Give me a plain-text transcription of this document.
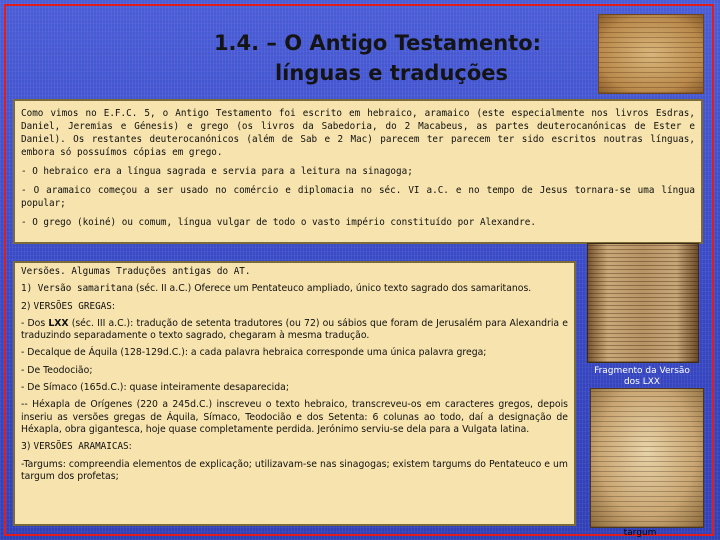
1.4. – O Antigo Testamento:
línguas e traduções

Como vimos no E.F.C. 5, o Antigo Testamento foi escrito em hebraico, aramaico (este especialmente nos livros Esdras, Daniel, Jeremias e Génesis) e grego (os livros da Sabedoria, do 2 Macabeus, as partes deuterocanónicas de Ester e Daniel). Os restantes deuterocanónicos (além de Sab e 2 Mac) parecem ter parecem ter sido escritos noutras línguas, embora só possuímos cópias em grego.

- O hebraico era a língua sagrada e servia para a leitura na sinagoga;

- O aramaico começou a ser usado no comércio e diplomacia no séc. VI a.C. e no tempo de Jesus tornara-se uma língua popular;

- O grego (koiné) ou comum, língua vulgar de todo o vasto império constituído por Alexandre.

Versões. Algumas Traduções antigas do AT.

1) Versão samaritana (séc. II a.C.) Oferece um Pentateuco ampliado, único texto sagrado dos samaritanos.

2) VERSÕES GREGAS:

- Dos LXX (séc. III a.C.): tradução de setenta tradutores (ou 72) ou sábios que foram de Jerusalém para Alexandria e traduzindo separadamente o texto sagrado, chegaram à mesma tradução.

- Decalque de Áquila (128-129d.C.): a cada palavra hebraica corresponde uma única palavra grega;

- De Teodocião;

- De Símaco (165d.C.): quase inteiramente desaparecida;

-- Héxapla de Orígenes (220 a 245d.C.) inscreveu o texto hebraico, transcreveu-os em caracteres gregos, depois inseriu as versões gregas de Áquila, Símaco, Teodocião e dos Setenta: 6 colunas ao todo, daí a designação de Héxapla, obra gigantesca, hoje quase completamente perdida. Jerónimo serviu-se dela para a Vulgata latina.

3) VERSÕES ARAMAICAS:

-Targums: compreendia elementos de explicação; utilizavam-se nas sinagogas; existem targums do Pentateuco e um targum dos profetas;

Fragmento da Versão dos LXX
targum
